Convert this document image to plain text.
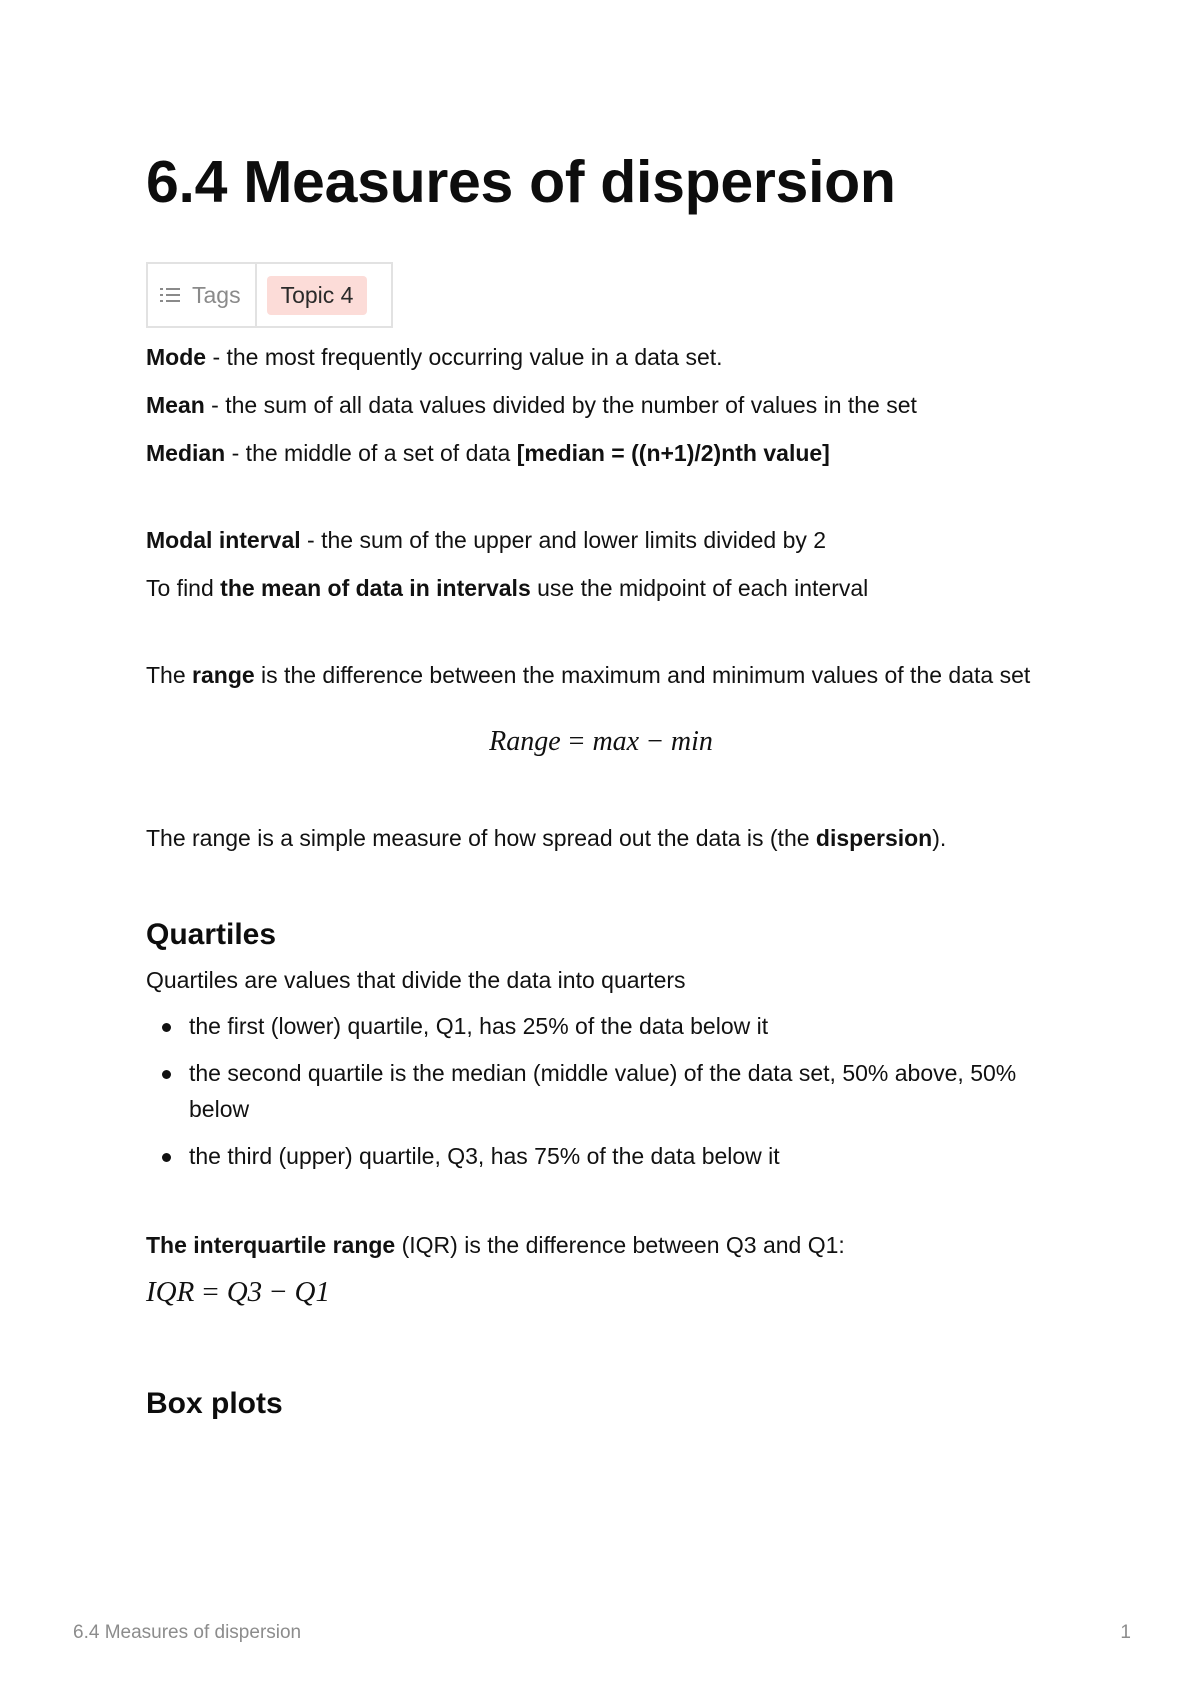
6.4 Measures of dispersion
Tags	Topic 4

Mode - the most frequently occurring value in a data set.

Mean - the sum of all data values divided by the number of values in the set

Median - the middle of a set of data [median = ((n+1)/2)nth value]

Modal interval - the sum of the upper and lower limits divided by 2

To find the mean of data in intervals use the midpoint of each interval

The range is the difference between the maximum and minimum values of the data set

Range = max − min

The range is a simple measure of how spread out the data is (the dispersion).

Quartiles

Quartiles are values that divide the data into quarters

the first (lower) quartile, Q1, has 25% of the data below it
the second quartile is the median (middle value) of the data set, 50% above, 50% below
the third (upper) quartile, Q3, has 75% of the data below it

The interquartile range (IQR) is the difference between Q3 and Q1:

IQR = Q3 − Q1
Box plots
6.4 Measures of dispersion	1
